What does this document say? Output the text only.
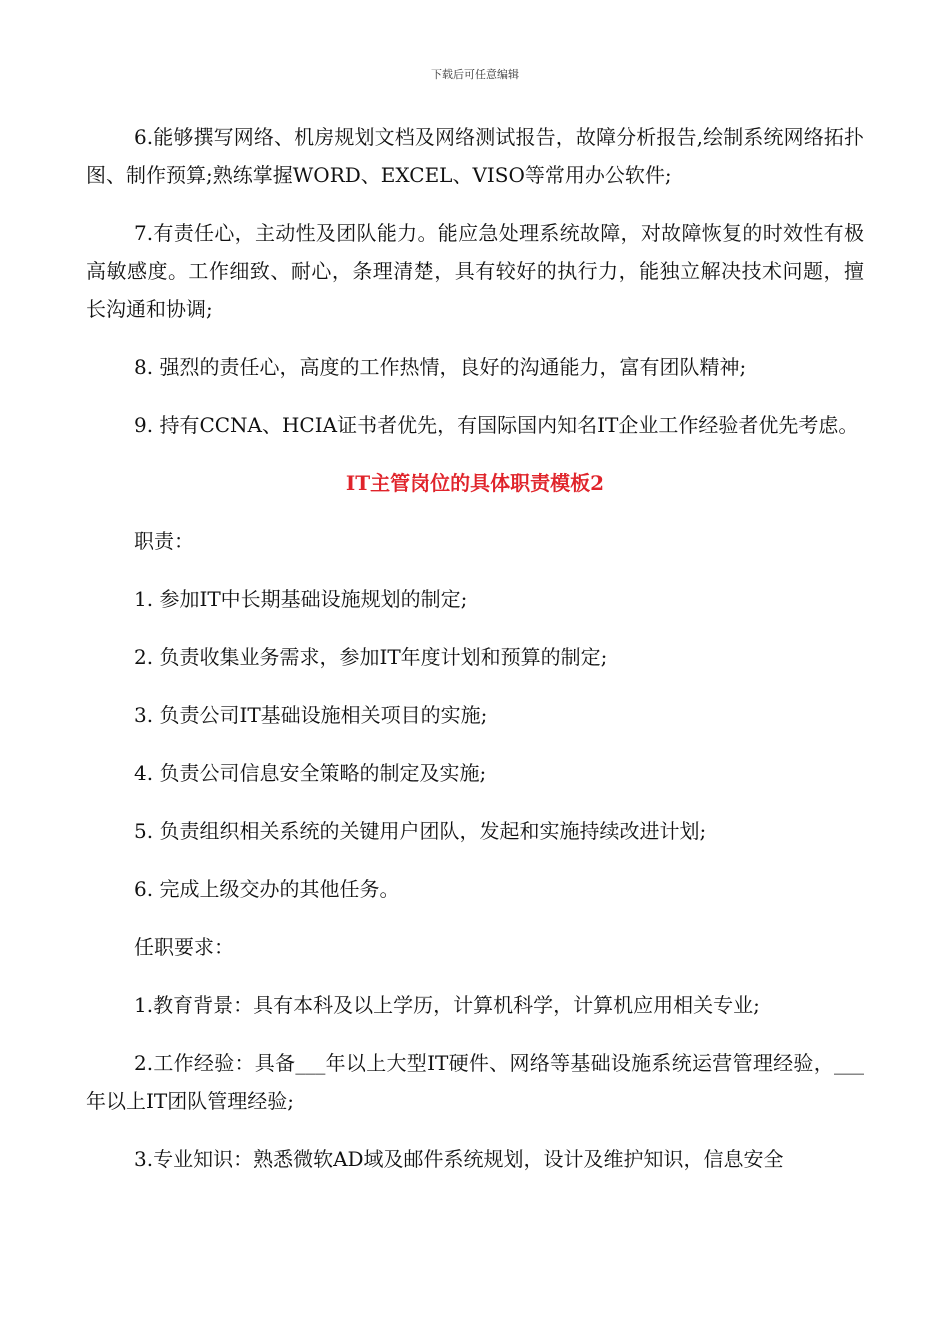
下载后可任意编辑

6.能够撰写网络、机房规划文档及网络测试报告，故障分析报告,绘制系统网络拓扑图、制作预算;熟练掌握WORD、EXCEL、VISO等常用办公软件;

7.有责任心，主动性及团队能力。能应急处理系统故障，对故障恢复的时效性有极高敏感度。工作细致、耐心，条理清楚，具有较好的执行力，能独立解决技术问题，擅长沟通和协调;

8. 强烈的责任心，高度的工作热情，良好的沟通能力，富有团队精神;

9. 持有CCNA、HCIA证书者优先，有国际国内知名IT企业工作经验者优先考虑。

IT主管岗位的具体职责模板2

职责：

1. 参加IT中长期基础设施规划的制定;

2. 负责收集业务需求，参加IT年度计划和预算的制定;

3. 负责公司IT基础设施相关项目的实施;

4. 负责公司信息安全策略的制定及实施;

5. 负责组织相关系统的关键用户团队，发起和实施持续改进计划;

6. 完成上级交办的其他任务。

任职要求：

1.教育背景：具有本科及以上学历，计算机科学，计算机应用相关专业;

2.工作经验：具备___年以上大型IT硬件、网络等基础设施系统运营管理经验，___年以上IT团队管理经验;

3.专业知识：熟悉微软AD域及邮件系统规划，设计及维护知识，信息安全
